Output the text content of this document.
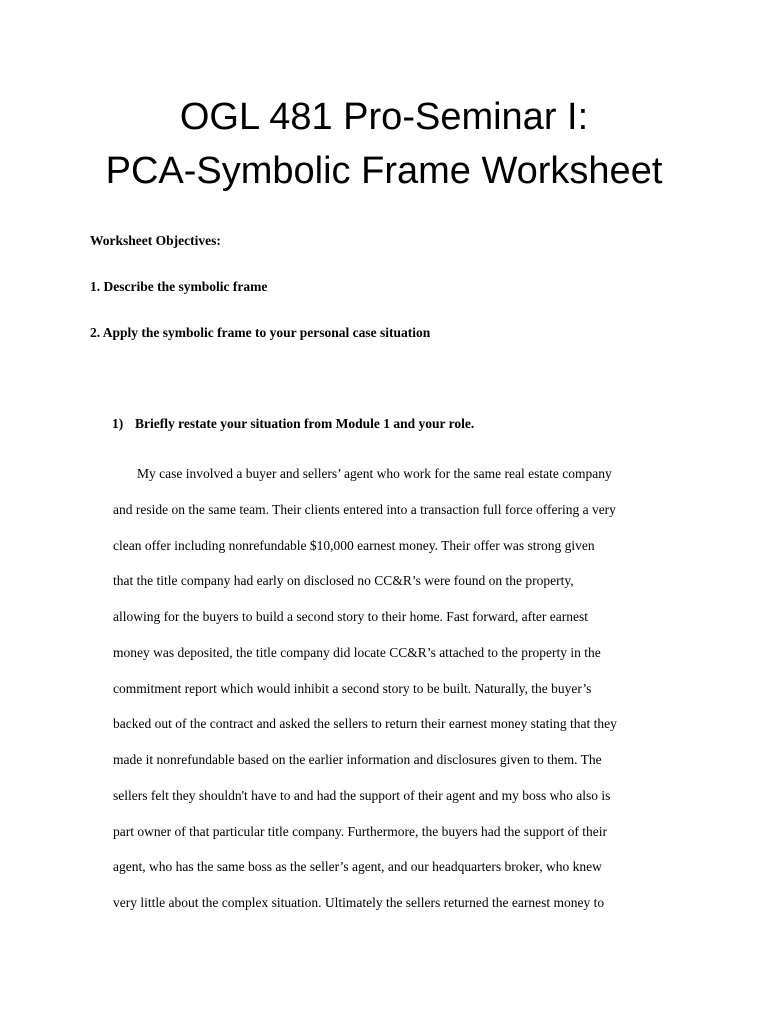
OGL 481 Pro-Seminar I:
PCA-Symbolic Frame Worksheet
Worksheet Objectives:
1. Describe the symbolic frame
2. Apply the symbolic frame to your personal case situation
1) Briefly restate your situation from Module 1 and your role.
My case involved a buyer and sellers’ agent who work for the same real estate company
and reside on the same team. Their clients entered into a transaction full force offering a very
clean offer including nonrefundable $10,000 earnest money. Their offer was strong given
that the title company had early on disclosed no CC&R’s were found on the property,
allowing for the buyers to build a second story to their home. Fast forward, after earnest
money was deposited, the title company did locate CC&R’s attached to the property in the
commitment report which would inhibit a second story to be built. Naturally, the buyer’s
backed out of the contract and asked the sellers to return their earnest money stating that they
made it nonrefundable based on the earlier information and disclosures given to them. The
sellers felt they shouldn't have to and had the support of their agent and my boss who also is
part owner of that particular title company. Furthermore, the buyers had the support of their
agent, who has the same boss as the seller’s agent, and our headquarters broker, who knew
very little about the complex situation. Ultimately the sellers returned the earnest money to
